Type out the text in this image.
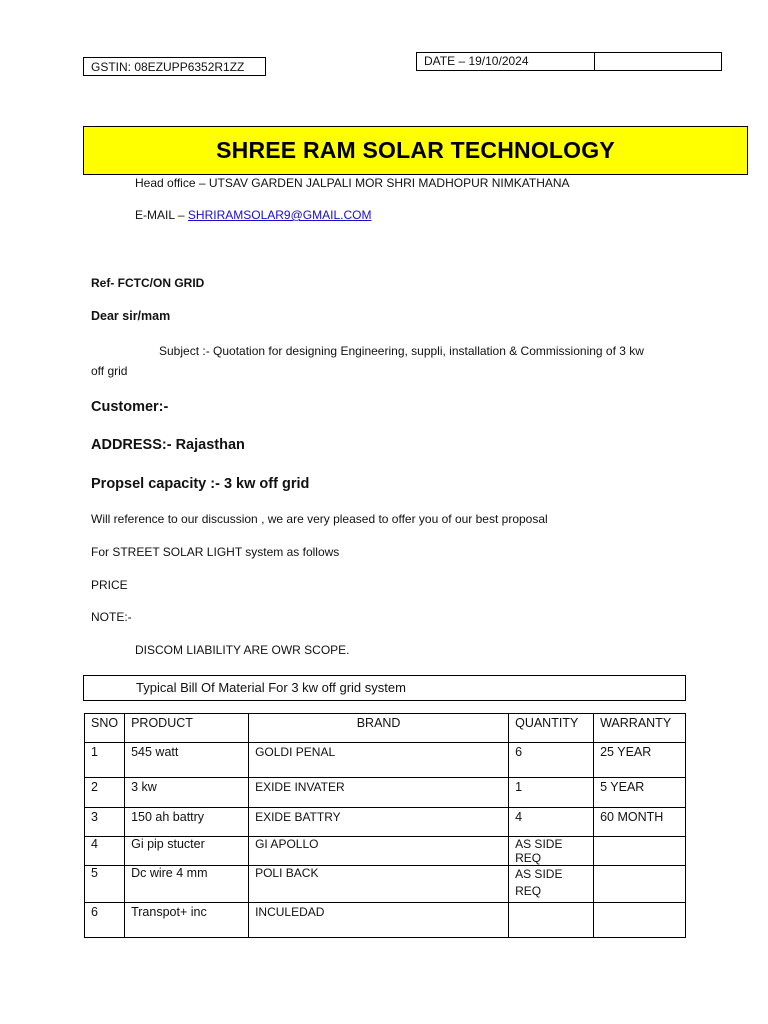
GSTIN: 08EZUPP6352R1ZZ	DATE – 19/10/2024
SHREE RAM SOLAR TECHNOLOGY
Head office – UTSAV GARDEN JALPALI MOR SHRI MADHOPUR NIMKATHANA
E-MAIL – SHRIRAMSOLAR9@GMAIL.COM
Ref- FCTC/ON GRID
Dear sir/mam
Subject :- Quotation for designing Engineering, suppli, installation & Commissioning of 3 kw
off grid
Customer:-
ADDRESS:- Rajasthan
Propsel capacity :- 3 kw off grid
Will reference to our discussion , we are very pleased to offer you of our best proposal
For STREET SOLAR LIGHT system as follows
PRICE
NOTE:-
DISCOM LIABILITY ARE OWR SCOPE.
Typical Bill Of Material For 3 kw off grid system
SNO	PRODUCT	BRAND	QUANTITY	WARRANTY
1	545 watt	GOLDI PENAL	6	25 YEAR
2	3 kw	EXIDE INVATER	1	5 YEAR
3	150 ah battry	EXIDE BATTRY	4	60 MONTH
4	Gi pip stucter	GI APOLLO	AS SIDE REQ	
5	Dc wire 4 mm	POLI BACK	AS SIDE REQ	
6	Transpot+ inc	INCULEDAD		
